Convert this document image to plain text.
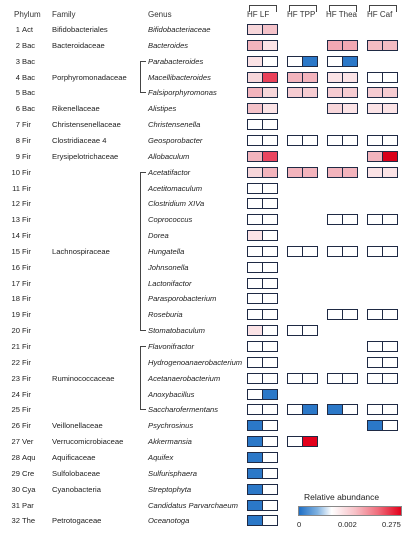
Phylum Family	Genus	HF LF HF TPP HF Thea HF Caf
1 Act	Bifidobacteriales	Bifidobacteriaceae
2 Bac Bacteroidaceae	Bacteroides
3 Bac	Parabacteroides
4 Bac Porphyromonadaceae	Macellibacteroides
5 Bac	Falsiporphyromonas
6 Bac Rikenellaceae	Alistipes
7 Fir	Christensenellaceae	Christensenella
8 Fir	Clostridiaceae 4	Geosporobacter
9 Fir	Erysipelotrichaceae	Allobaculum
10 Fir	Acetatifactor
11 Fir	Acetitomaculum
12 Fir	Clostridium XIVa
13 Fir	Coprococcus
14 Fir	Dorea
15 Fir	Lachnospiraceae	Hungatella
16 Fir	Johnsonella
17 Fir	Lactonifactor
18 Fir	Parasporobacterium
19 Fir	Roseburia
20 Fir	Stomatobaculum
21 Fir	Flavonifractor
22 Fir	Hydrogenoanaerobacterium
23 Fir	Ruminococcaceae	Acetanaerobacterium
24 Fir	Anoxybacillus
25 Fir	Saccharofermentans
26 Fir	Veillonellaceae	Psychrosinus
27 Ver Verrucomicrobiaceae	Akkermansia
28 Aqu Aquificaceae	Aquifex
29 Cre Sulfolobaceae	Sulfurisphaera
30 Cya Cyanobacteria	Streptophyta
31 Par	Candidatus Parvarchaeum
32 The Petrotogaceae	Oceanotoga
Relative abundance
0	0.002	0.275
